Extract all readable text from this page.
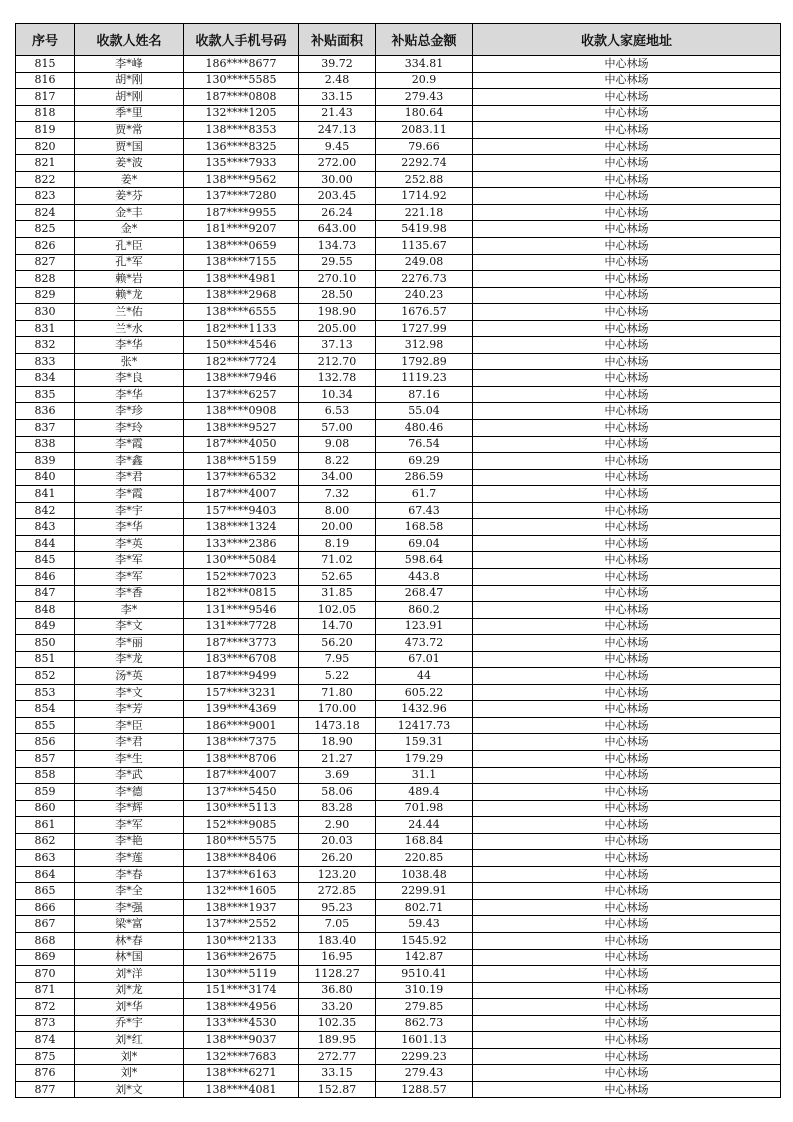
序号	收款人姓名	收款人手机号码	补贴面积	补贴总金额	收款人家庭地址
815	李*峰	186****8677	39.72	334.81	中心林场
816	胡*刚	130****5585	2.48	20.9	中心林场
817	胡*刚	187****0808	33.15	279.43	中心林场
818	季*里	132****1205	21.43	180.64	中心林场
819	贾*常	138****8353	247.13	2083.11	中心林场
820	贾*国	136****8325	9.45	79.66	中心林场
821	姜*波	135****7933	272.00	2292.74	中心林场
822	姜*	138****9562	30.00	252.88	中心林场
823	姜*芬	137****7280	203.45	1714.92	中心林场
824	金*丰	187****9955	26.24	221.18	中心林场
825	金*	181****9207	643.00	5419.98	中心林场
826	孔*臣	138****0659	134.73	1135.67	中心林场
827	孔*军	138****7155	29.55	249.08	中心林场
828	赖*岩	138****4981	270.10	2276.73	中心林场
829	赖*龙	138****2968	28.50	240.23	中心林场
830	兰*佑	138****6555	198.90	1676.57	中心林场
831	兰*水	182****1133	205.00	1727.99	中心林场
832	李*华	150****4546	37.13	312.98	中心林场
833	张*	182****7724	212.70	1792.89	中心林场
834	李*良	138****7946	132.78	1119.23	中心林场
835	李*华	137****6257	10.34	87.16	中心林场
836	李*珍	138****0908	6.53	55.04	中心林场
837	李*玲	138****9527	57.00	480.46	中心林场
838	李*霞	187****4050	9.08	76.54	中心林场
839	李*鑫	138****5159	8.22	69.29	中心林场
840	李*君	137****6532	34.00	286.59	中心林场
841	李*霞	187****4007	7.32	61.7	中心林场
842	李*宇	157****9403	8.00	67.43	中心林场
843	李*华	138****1324	20.00	168.58	中心林场
844	李*英	133****2386	8.19	69.04	中心林场
845	李*军	130****5084	71.02	598.64	中心林场
846	李*军	152****7023	52.65	443.8	中心林场
847	李*香	182****0815	31.85	268.47	中心林场
848	李*	131****9546	102.05	860.2	中心林场
849	李*文	131****7728	14.70	123.91	中心林场
850	李*丽	187****3773	56.20	473.72	中心林场
851	李*龙	183****6708	7.95	67.01	中心林场
852	汤*英	187****9499	5.22	44	中心林场
853	李*文	157****3231	71.80	605.22	中心林场
854	李*芳	139****4369	170.00	1432.96	中心林场
855	李*臣	186****9001	1473.18	12417.73	中心林场
856	李*君	138****7375	18.90	159.31	中心林场
857	李*生	138****8706	21.27	179.29	中心林场
858	李*武	187****4007	3.69	31.1	中心林场
859	李*德	137****5450	58.06	489.4	中心林场
860	李*辉	130****5113	83.28	701.98	中心林场
861	李*军	152****9085	2.90	24.44	中心林场
862	李*艳	180****5575	20.03	168.84	中心林场
863	李*莲	138****8406	26.20	220.85	中心林场
864	李*春	137****6163	123.20	1038.48	中心林场
865	李*全	132****1605	272.85	2299.91	中心林场
866	李*强	138****1937	95.23	802.71	中心林场
867	梁*富	137****2552	7.05	59.43	中心林场
868	林*春	130****2133	183.40	1545.92	中心林场
869	林*国	136****2675	16.95	142.87	中心林场
870	刘*洋	130****5119	1128.27	9510.41	中心林场
871	刘*龙	151****3174	36.80	310.19	中心林场
872	刘*华	138****4956	33.20	279.85	中心林场
873	乔*宇	133****4530	102.35	862.73	中心林场
874	刘*红	138****9037	189.95	1601.13	中心林场
875	刘*	132****7683	272.77	2299.23	中心林场
876	刘*	138****6271	33.15	279.43	中心林场
877	刘*文	138****4081	152.87	1288.57	中心林场
